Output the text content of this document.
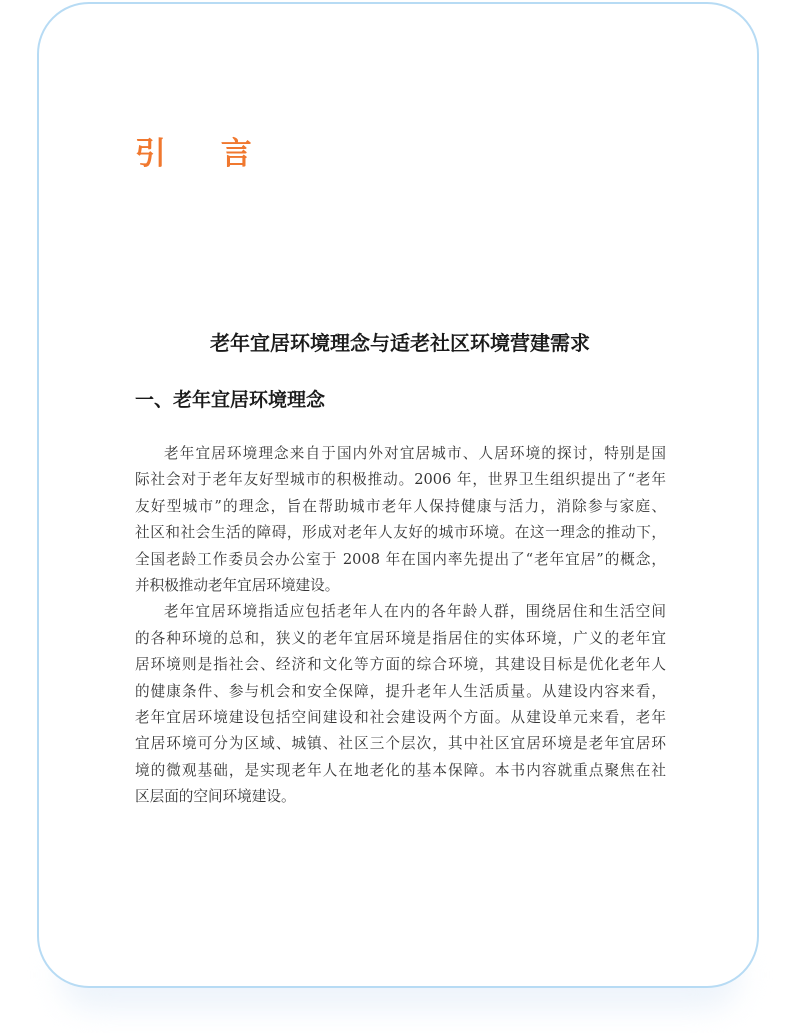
引 言
老年宜居环境理念与适老社区环境营建需求
一、老年宜居环境理念
老年宜居环境理念来自于国内外对宜居城市、人居环境的探讨，特别是国
际社会对于老年友好型城市的积极推动。2006 年，世界卫生组织提出了“老年
友好型城市”的理念，旨在帮助城市老年人保持健康与活力，消除参与家庭、
社区和社会生活的障碍，形成对老年人友好的城市环境。在这一理念的推动下，
全国老龄工作委员会办公室于 2008 年在国内率先提出了“老年宜居”的概念，
并积极推动老年宜居环境建设。
老年宜居环境指适应包括老年人在内的各年龄人群，围绕居住和生活空间
的各种环境的总和，狭义的老年宜居环境是指居住的实体环境，广义的老年宜
居环境则是指社会、经济和文化等方面的综合环境，其建设目标是优化老年人
的健康条件、参与机会和安全保障，提升老年人生活质量。从建设内容来看，
老年宜居环境建设包括空间建设和社会建设两个方面。从建设单元来看，老年
宜居环境可分为区域、城镇、社区三个层次，其中社区宜居环境是老年宜居环
境的微观基础，是实现老年人在地老化的基本保障。本书内容就重点聚焦在社
区层面的空间环境建设。
